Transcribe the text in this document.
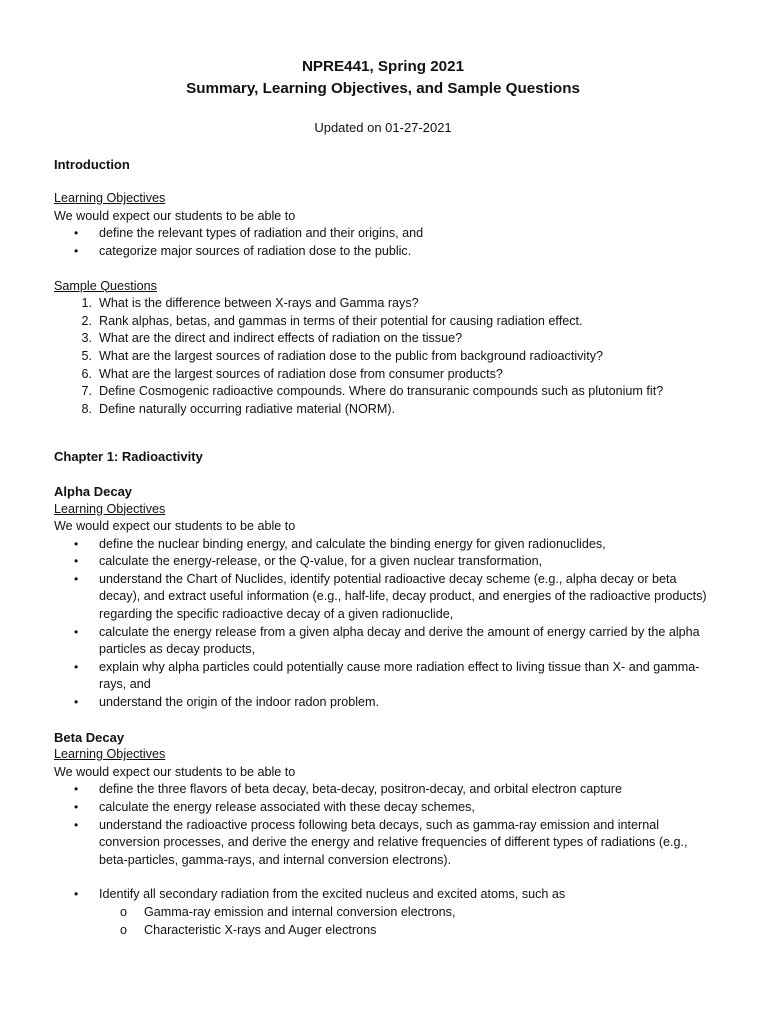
NPRE441, Spring 2021

Summary, Learning Objectives, and Sample Questions

Updated on 01-27-2021

Introduction

Learning Objectives

We would expect our students to be able to

• define the relevant types of radiation and their origins, and
• categorize major sources of radiation dose to the public.

Sample Questions

1. What is the difference between X-rays and Gamma rays?
2. Rank alphas, betas, and gammas in terms of their potential for causing radiation effect.
3. What are the direct and indirect effects of radiation on the tissue?
5. What are the largest sources of radiation dose to the public from background radioactivity?
6. What are the largest sources of radiation dose from consumer products?
7. Define Cosmogenic radioactive compounds. Where do transuranic compounds such as plutonium fit?
8. Define naturally occurring radiative material (NORM).

Chapter 1: Radioactivity

Alpha Decay

Learning Objectives

We would expect our students to be able to

• define the nuclear binding energy, and calculate the binding energy for given radionuclides,
• calculate the energy-release, or the Q-value, for a given nuclear transformation,
• understand the Chart of Nuclides, identify potential radioactive decay scheme (e.g., alpha decay or beta decay), and extract useful information (e.g., half-life, decay product, and energies of the radioactive products) regarding the specific radioactive decay of a given radionuclide,
• calculate the energy release from a given alpha decay and derive the amount of energy carried by the alpha particles as decay products,
• explain why alpha particles could potentially cause more radiation effect to living tissue than X- and gamma-rays, and
• understand the origin of the indoor radon problem.

Beta Decay

Learning Objectives

We would expect our students to be able to

• define the three flavors of beta decay, beta-decay, positron-decay, and orbital electron capture
• calculate the energy release associated with these decay schemes,
• understand the radioactive process following beta decays, such as gamma-ray emission and internal conversion processes, and derive the energy and relative frequencies of different types of radiations (e.g., beta-particles, gamma-rays, and internal conversion electrons).
• Identify all secondary radiation from the excited nucleus and excited atoms, such as
o Gamma-ray emission and internal conversion electrons,
o Characteristic X-rays and Auger electrons
